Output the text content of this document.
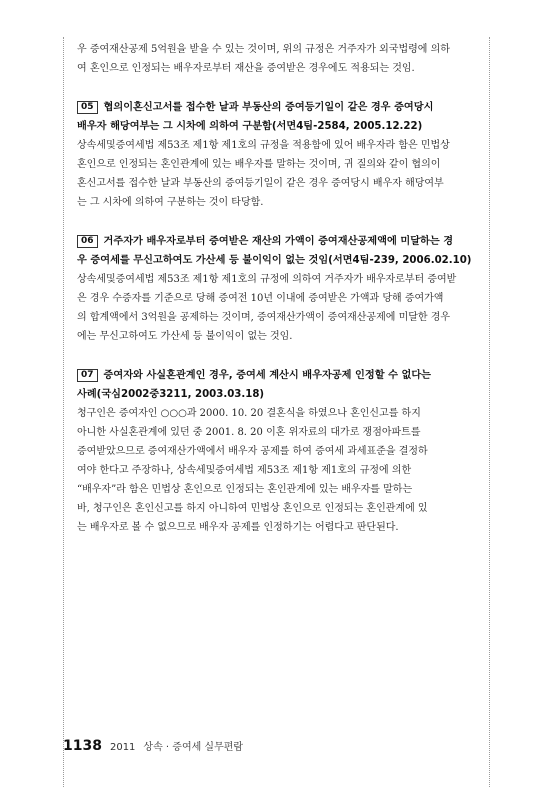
우 증여재산공제 5억원을 받을 수 있는 것이며, 위의 규정은 거주자가 외국법령에 의하
여 혼인으로 인정되는 배우자로부터 재산을 증여받은 경우에도 적용되는 것임.

05 협의이혼신고서를 접수한 날과 부동산의 증여등기일이 같은 경우 증여당시
배우자 해당여부는 그 시차에 의하여 구분함(서면4팀-2584, 2005.12.22)

상속세및증여세법 제53조 제1항 제1호의 규정을 적용함에 있어 배우자라 함은 민법상
혼인으로 인정되는 혼인관계에 있는 배우자를 말하는 것이며, 귀 질의와 같이 협의이
혼신고서를 접수한 날과 부동산의 증여등기일이 같은 경우 증여당시 배우자 해당여부
는 그 시차에 의하여 구분하는 것이 타당함.

06 거주자가 배우자로부터 증여받은 재산의 가액이 증여재산공제액에 미달하는 경
우 증여세를 무신고하여도 가산세 등 불이익이 없는 것임(서면4팀-239, 2006.02.10)

상속세및증여세법 제53조 제1항 제1호의 규정에 의하여 거주자가 배우자로부터 증여받
은 경우 수증자를 기준으로 당해 증여전 10년 이내에 증여받은 가액과 당해 증여가액
의 합계액에서 3억원을 공제하는 것이며, 증여재산가액이 증여재산공제에 미달한 경우
에는 무신고하여도 가산세 등 불이익이 없는 것임.

07 증여자와 사실혼관계인 경우, 증여세 계산시 배우자공제 인정할 수 없다는
사례(국심2002중3211, 2003.03.18)

청구인은 증여자인 ○○○과 2000. 10. 20 결혼식을 하였으나 혼인신고를 하지
아니한 사실혼관계에 있던 중 2001. 8. 20 이혼 위자료의 대가로 쟁점아파트를
증여받았으므로 증여재산가액에서 배우자 공제를 하여 증여세 과세표준을 결정하
여야 한다고 주장하나, 상속세및증여세법 제53조 제1항 제1호의 규정에 의한
“배우자”라 함은 민법상 혼인으로 인정되는 혼인관계에 있는 배우자를 말하는
바, 청구인은 혼인신고를 하지 아니하여 민법상 혼인으로 인정되는 혼인관계에 있
는 배우자로 볼 수 없으므로 배우자 공제를 인정하기는 어렵다고 판단된다.

1138 2011 상속 · 증여세 실무편람
